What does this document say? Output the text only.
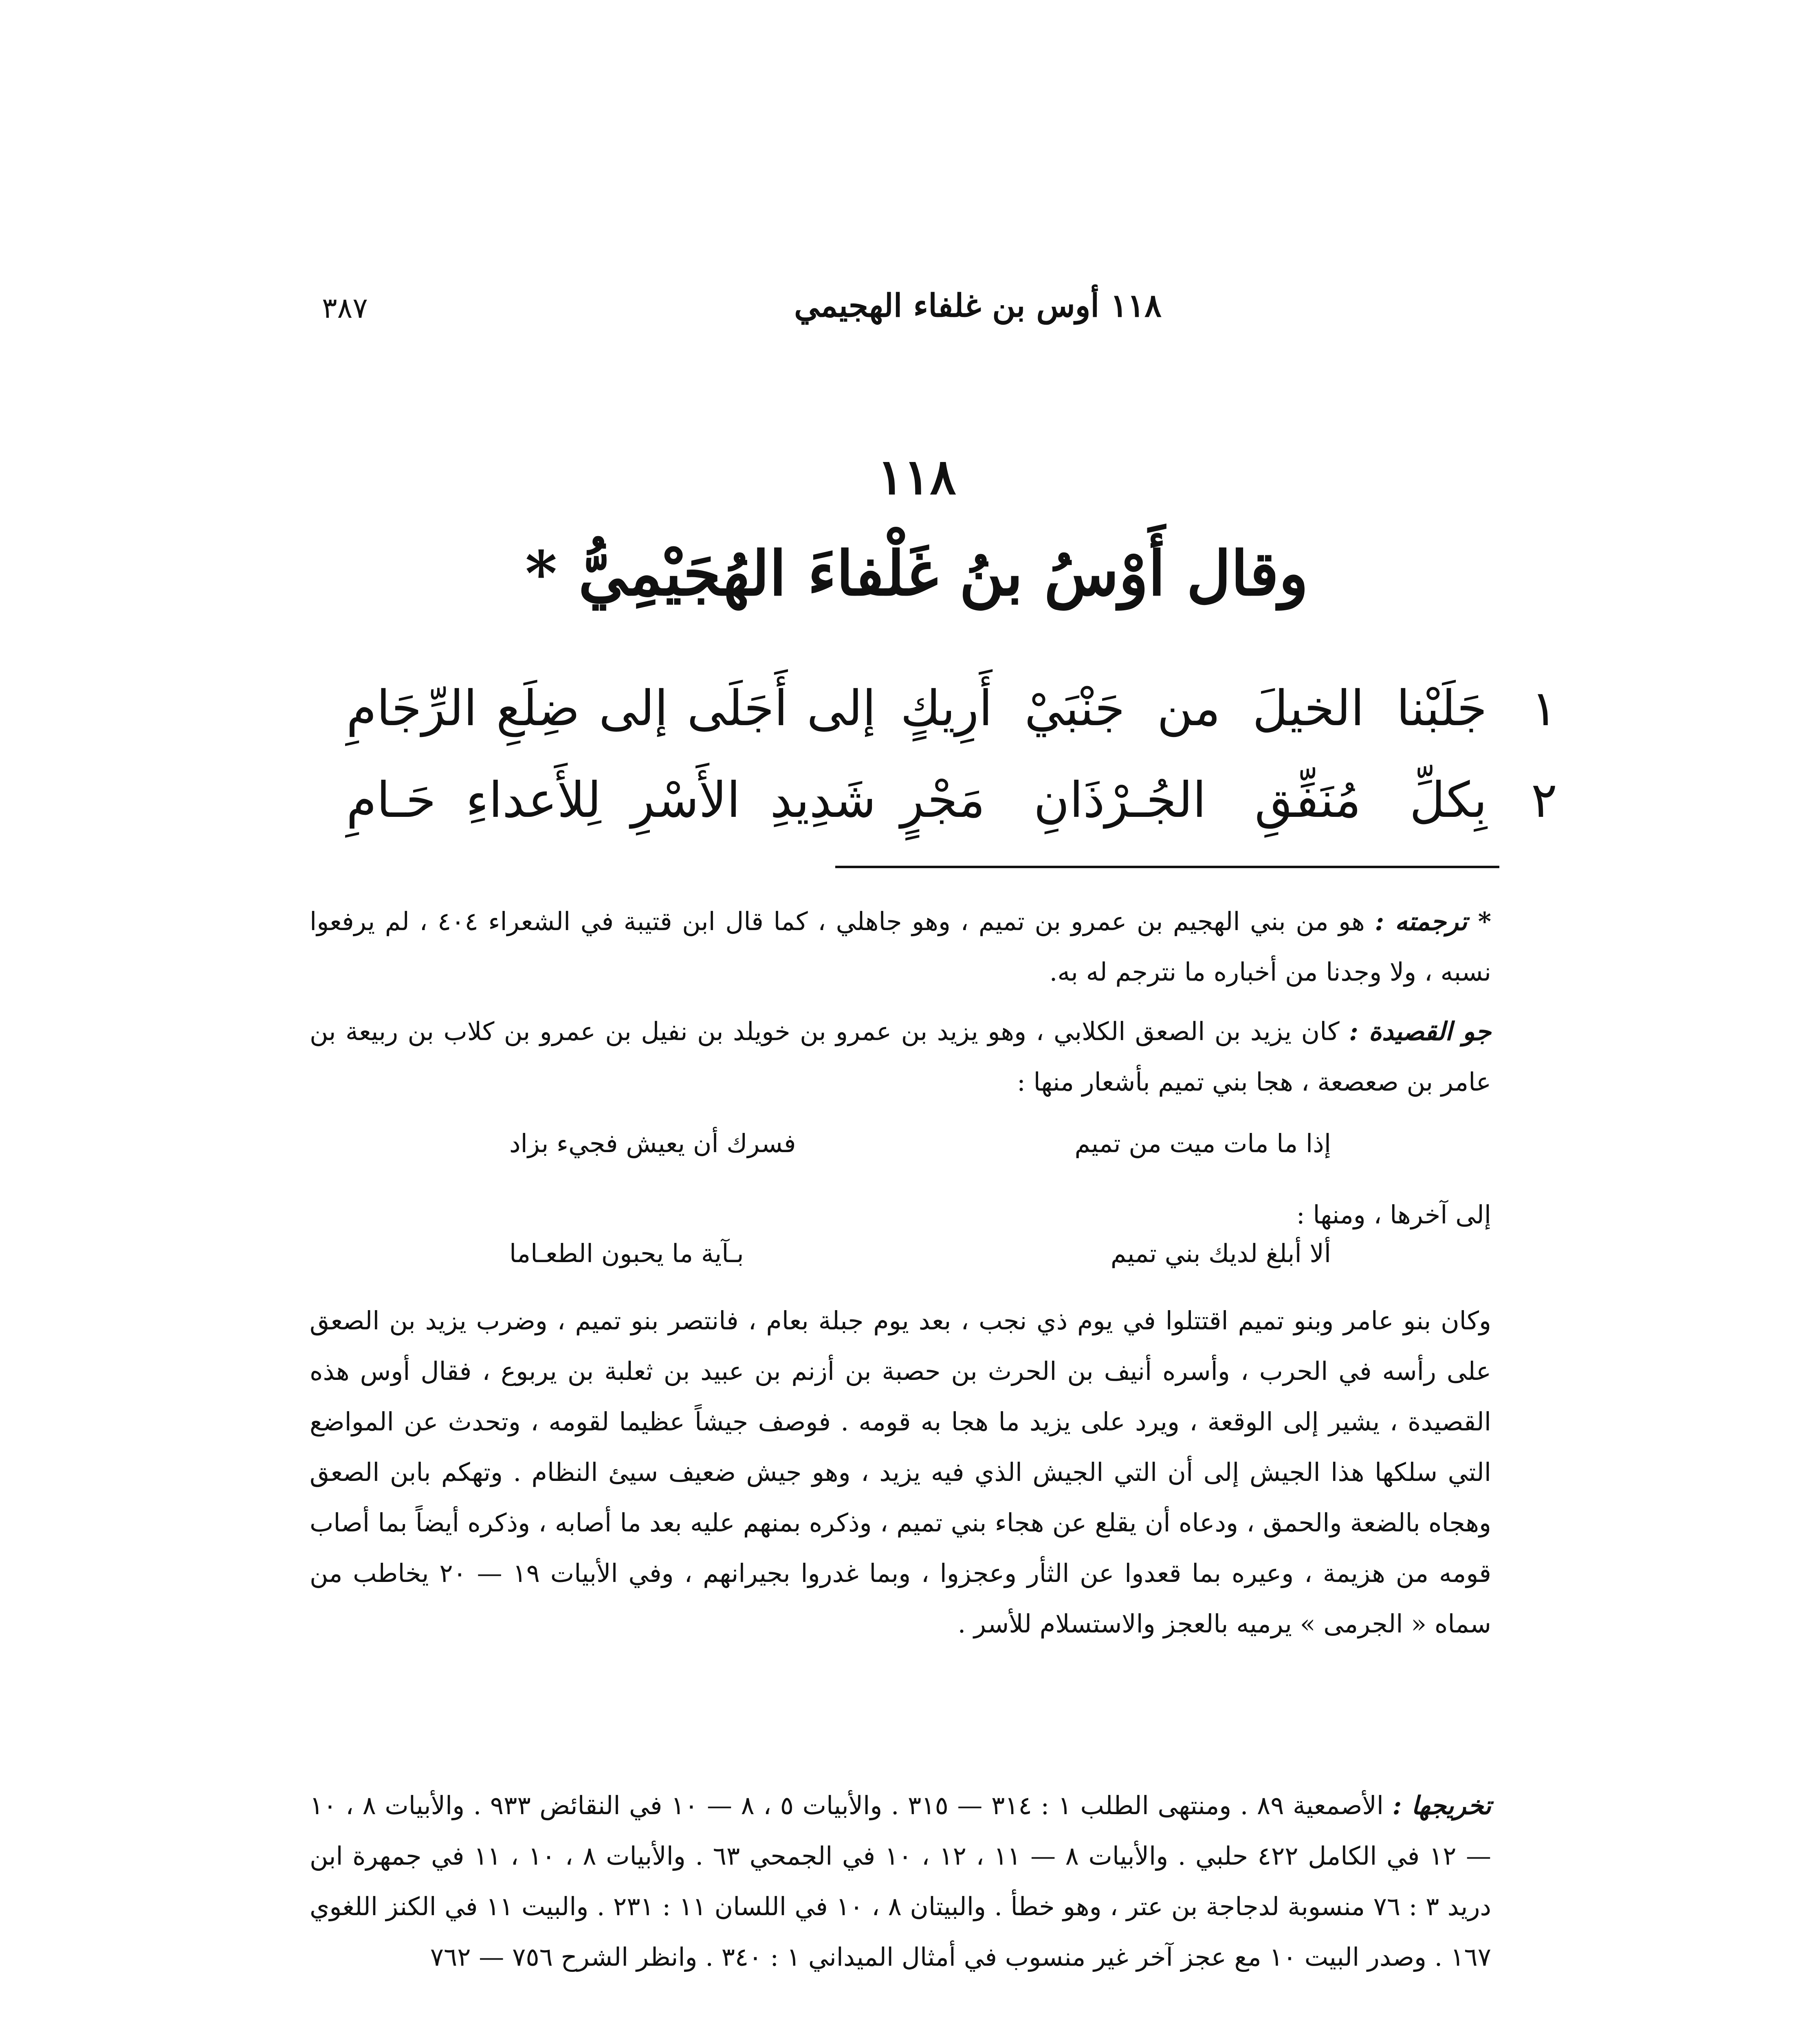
٣٨٧	١١٨ أوس بن غلفاء الهجيمي
١١٨
وقال أَوْسُ بنُ غَلْفاءَ الهُجَيْمِيُّ *
١
جَلَبْنا الخيلَ من جَنْبَيْ أَرِيكٍ
إلى أَجَلَى إلى ضِلَعِ الرِّجَامِ
٢
بِكلِّ مُنَفِّقِ الجُـرْذَانِ مَجْرٍ
شَدِيدِ الأَسْرِ لِلأَعداءِ حَـامِ
* ترجمته : هو من بني الهجيم بن عمرو بن تميم ، وهو جاهلي ، كما قال ابن قتيبة في الشعراء ٤٠٤ ، لم يرفعوا نسبه ، ولا وجدنا من أخباره ما نترجم له به.
جو القصيدة : كان يزيد بن الصعق الكلابي ، وهو يزيد بن عمرو بن خويلد بن نفيل بن عمرو بن كلاب بن ربيعة بن عامر بن صعصعة ، هجا بني تميم بأشعار منها :
إذا ما مات ميت من تميم
فسرك أن يعيش فجيء بزاد
إلى آخرها ، ومنها :
ألا أبلغ لديك بني تميم
بـآية ما يحبون الطعـاما
وكان بنو عامر وبنو تميم اقتتلوا في يوم ذي نجب ، بعد يوم جبلة بعام ، فانتصر بنو تميم ، وضرب يزيد بن الصعق على رأسه في الحرب ، وأسره أنيف بن الحرث بن حصبة بن أزنم بن عبيد بن ثعلبة بن يربوع ، فقال أوس هذه القصيدة ، يشير إلى الوقعة ، ويرد على يزيد ما هجا به قومه . فوصف جيشاً عظيما لقومه ، وتحدث عن المواضع التي سلكها هذا الجيش إلى أن التي الجيش الذي فيه يزيد ، وهو جيش ضعيف سيئ النظام . وتهكم بابن الصعق وهجاه بالضعة والحمق ، ودعاه أن يقلع عن هجاء بني تميم ، وذكره بمنهم عليه بعد ما أصابه ، وذكره أيضاً بما أصاب قومه من هزيمة ، وعيره بما قعدوا عن الثأر وعجزوا ، وبما غدروا بجيرانهم ، وفي الأبيات ١٩ — ٢٠ يخاطب من سماه « الجرمى » يرميه بالعجز والاستسلام للأسر .
تخريجها : الأصمعية ٨٩ . ومنتهى الطلب ١ : ٣١٤ — ٣١٥ . والأبيات ٥ ، ٨ — ١٠ في النقائض ٩٣٣ . والأبيات ٨ ، ١٠ — ١٢ في الكامل ٤٢٢ حلبي . والأبيات ٨ — ١١ ، ١٢ ، ١٠ في الجمحي ٦٣ . والأبيات ٨ ، ١٠ ، ١١ في جمهرة ابن دريد ٣ : ٧٦ منسوبة لدجاجة بن عتر ، وهو خطأ . والبيتان ٨ ، ١٠ في اللسان ١١ : ٢٣١ . والبيت ١١ في الكنز اللغوي ١٦٧ . وصدر البيت ١٠ مع عجز آخر غير منسوب في أمثال الميداني ١ : ٣٤٠ . وانظر الشرح ٧٥٦ — ٧٦٢
